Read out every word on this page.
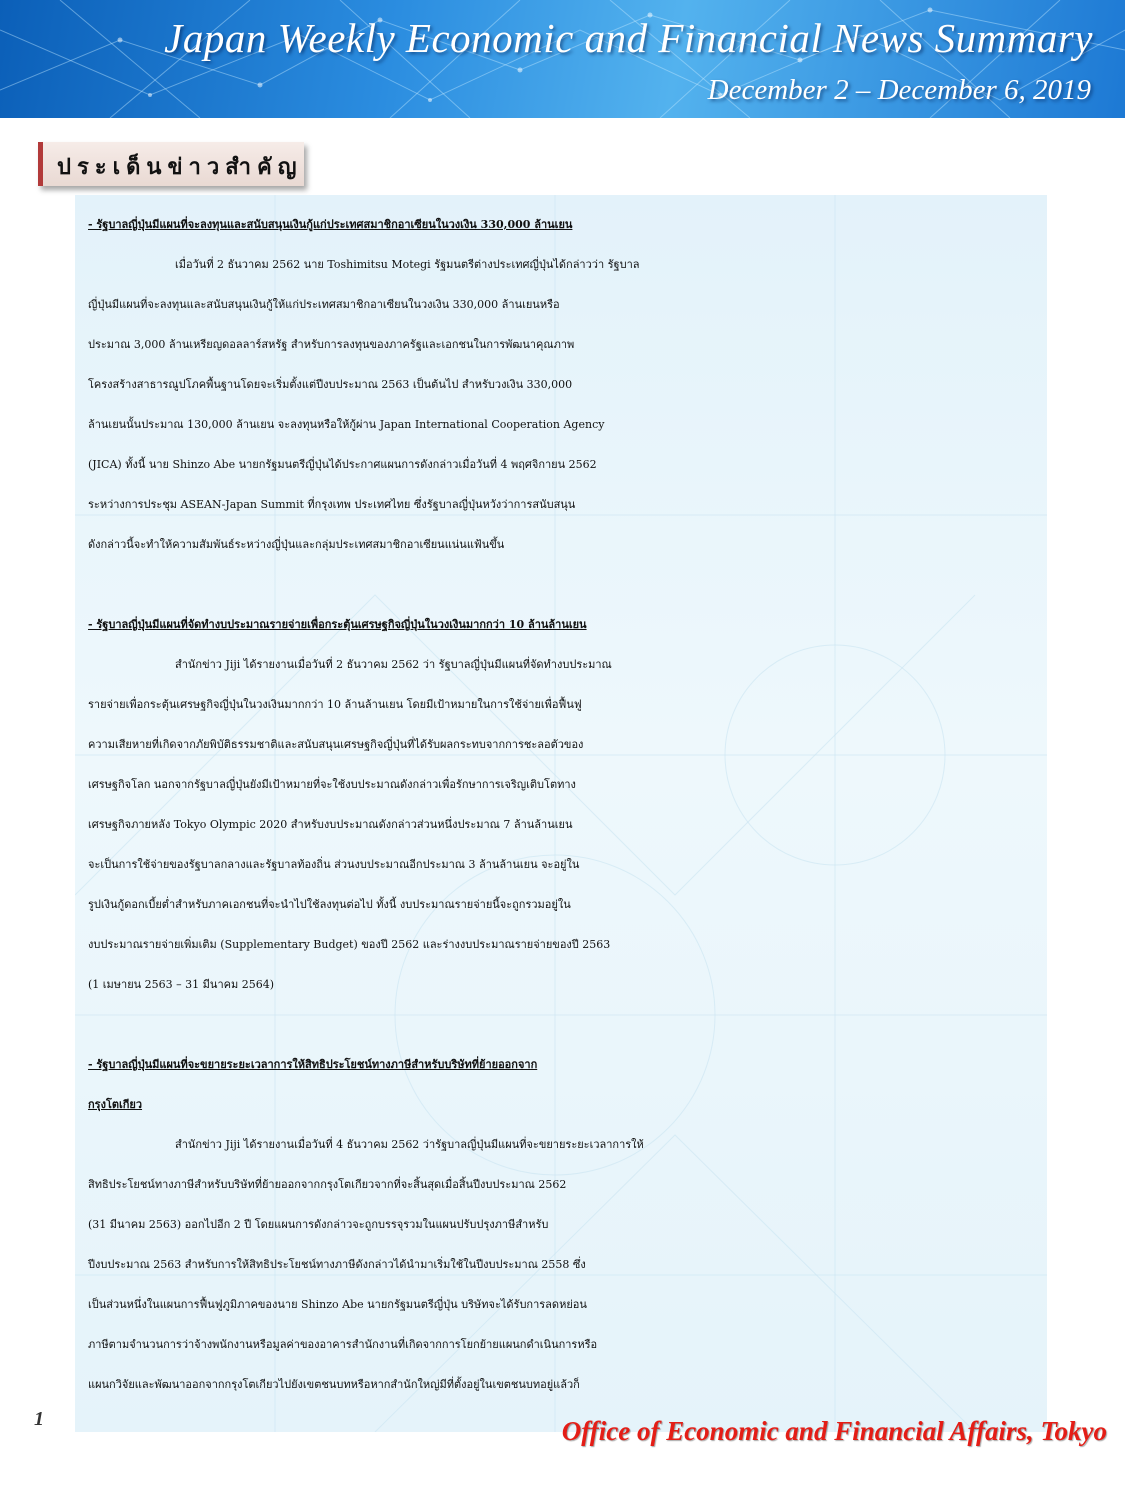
Japan Weekly Economic and Financial News Summary
December 2 – December 6, 2019
ประเด็นข่าวสำคัญ

- รัฐบาลญี่ปุ่นมีแผนที่จะลงทุนและสนับสนุนเงินกู้แก่ประเทศสมาชิกอาเซียนในวงเงิน 330,000 ล้านเยน

เมื่อวันที่ 2 ธันวาคม 2562 นาย Toshimitsu Motegi รัฐมนตรีต่างประเทศญี่ปุ่นได้กล่าวว่า รัฐบาล

ญี่ปุ่นมีแผนที่จะลงทุนและสนับสนุนเงินกู้ให้แก่ประเทศสมาชิกอาเซียนในวงเงิน 330,000 ล้านเยนหรือ

ประมาณ 3,000 ล้านเหรียญดอลลาร์สหรัฐ สำหรับการลงทุนของภาครัฐและเอกชนในการพัฒนาคุณภาพ

โครงสร้างสาธารณูปโภคพื้นฐานโดยจะเริ่มตั้งแต่ปีงบประมาณ 2563 เป็นต้นไป สำหรับวงเงิน 330,000

ล้านเยนนั้นประมาณ 130,000 ล้านเยน จะลงทุนหรือให้กู้ผ่าน Japan International Cooperation Agency

(JICA) ทั้งนี้ นาย Shinzo Abe นายกรัฐมนตรีญี่ปุ่นได้ประกาศแผนการดังกล่าวเมื่อวันที่ 4 พฤศจิกายน 2562

ระหว่างการประชุม ASEAN-Japan Summit ที่กรุงเทพ ประเทศไทย ซึ่งรัฐบาลญี่ปุ่นหวังว่าการสนับสนุน

ดังกล่าวนี้จะทำให้ความสัมพันธ์ระหว่างญี่ปุ่นและกลุ่มประเทศสมาชิกอาเซียนแน่นแฟ้นขึ้น

- รัฐบาลญี่ปุ่นมีแผนที่จัดทำงบประมาณรายจ่ายเพื่อกระตุ้นเศรษฐกิจญี่ปุ่นในวงเงินมากกว่า 10 ล้านล้านเยน

สำนักข่าว Jiji ได้รายงานเมื่อวันที่ 2 ธันวาคม 2562 ว่า รัฐบาลญี่ปุ่นมีแผนที่จัดทำงบประมาณ

รายจ่ายเพื่อกระตุ้นเศรษฐกิจญี่ปุ่นในวงเงินมากกว่า 10 ล้านล้านเยน โดยมีเป้าหมายในการใช้จ่ายเพื่อฟื้นฟู

ความเสียหายที่เกิดจากภัยพิบัติธรรมชาติและสนับสนุนเศรษฐกิจญี่ปุ่นที่ได้รับผลกระทบจากการชะลอตัวของ

เศรษฐกิจโลก นอกจากรัฐบาลญี่ปุ่นยังมีเป้าหมายที่จะใช้งบประมาณดังกล่าวเพื่อรักษาการเจริญเติบโตทาง

เศรษฐกิจภายหลัง Tokyo Olympic 2020 สำหรับงบประมาณดังกล่าวส่วนหนึ่งประมาณ 7 ล้านล้านเยน

จะเป็นการใช้จ่ายของรัฐบาลกลางและรัฐบาลท้องถิ่น ส่วนงบประมาณอีกประมาณ 3 ล้านล้านเยน จะอยู่ใน

รูปเงินกู้ดอกเบี้ยต่ำสำหรับภาคเอกชนที่จะนำไปใช้ลงทุนต่อไป ทั้งนี้ งบประมาณรายจ่ายนี้จะถูกรวมอยู่ใน

งบประมาณรายจ่ายเพิ่มเติม (Supplementary Budget) ของปี 2562 และร่างงบประมาณรายจ่ายของปี 2563

(1 เมษายน 2563 – 31 มีนาคม 2564)

- รัฐบาลญี่ปุ่นมีแผนที่จะขยายระยะเวลาการให้สิทธิประโยชน์ทางภาษีสำหรับบริษัทที่ย้ายออกจาก

กรุงโตเกียว

สำนักข่าว Jiji ได้รายงานเมื่อวันที่ 4 ธันวาคม 2562 ว่ารัฐบาลญี่ปุ่นมีแผนที่จะขยายระยะเวลาการให้

สิทธิประโยชน์ทางภาษีสำหรับบริษัทที่ย้ายออกจากกรุงโตเกียวจากที่จะสิ้นสุดเมื่อสิ้นปีงบประมาณ 2562

(31 มีนาคม 2563) ออกไปอีก 2 ปี โดยแผนการดังกล่าวจะถูกบรรจุรวมในแผนปรับปรุงภาษีสำหรับ

ปีงบประมาณ 2563 สำหรับการให้สิทธิประโยชน์ทางภาษีดังกล่าวได้นำมาเริ่มใช้ในปีงบประมาณ 2558 ซึ่ง

เป็นส่วนหนึ่งในแผนการฟื้นฟูภูมิภาคของนาย Shinzo Abe นายกรัฐมนตรีญี่ปุ่น บริษัทจะได้รับการลดหย่อน

ภาษีตามจำนวนการว่าจ้างพนักงานหรือมูลค่าของอาคารสำนักงานที่เกิดจากการโยกย้ายแผนกดำเนินการหรือ

แผนกวิจัยและพัฒนาออกจากกรุงโตเกียวไปยังเขตชนบทหรือหากสำนักใหญ่มีที่ตั้งอยู่ในเขตชนบทอยู่แล้วก็

1	Office of Economic and Financial Affairs, Tokyo
